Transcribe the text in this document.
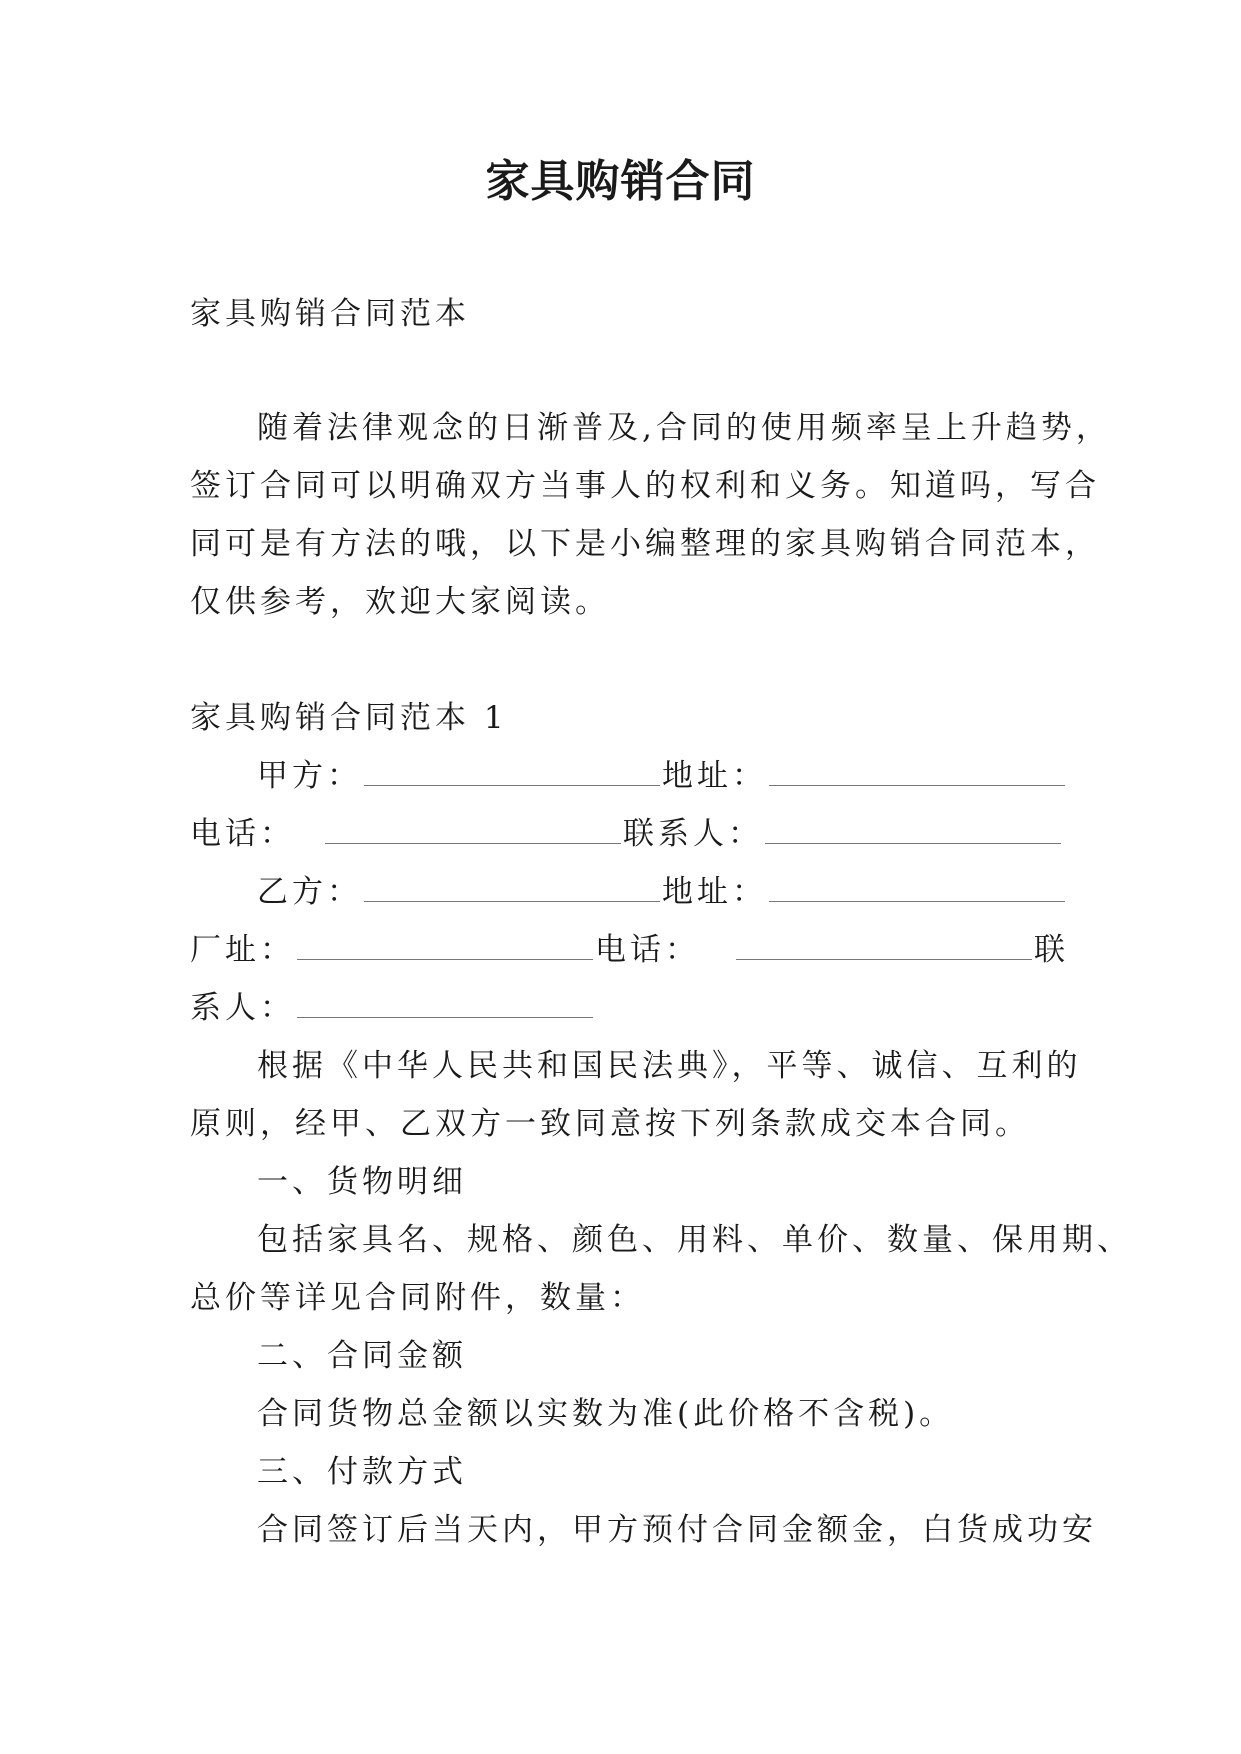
家具购销合同
家具购销合同范本
随着法律观念的日渐普及,合同的使用频率呈上升趋势，
签订合同可以明确双方当事人的权利和义务。知道吗，写合
同可是有方法的哦，以下是小编整理的家具购销合同范本，
仅供参考，欢迎大家阅读。
家具购销合同范本 1
甲方：	地址：
电话：	联系人：
乙方：	地址：
厂址：	电话：	联
系人：
根据《中华人民共和国民法典》，平等、诚信、互利的
原则，经甲、乙双方一致同意按下列条款成交本合同。
一、货物明细
包括家具名、规格、颜色、用料、单价、数量、保用期、
总价等详见合同附件，数量：
二、合同金额
合同货物总金额以实数为准(此价格不含税)。
三、付款方式
合同签订后当天内，甲方预付合同金额金，白货成功安
